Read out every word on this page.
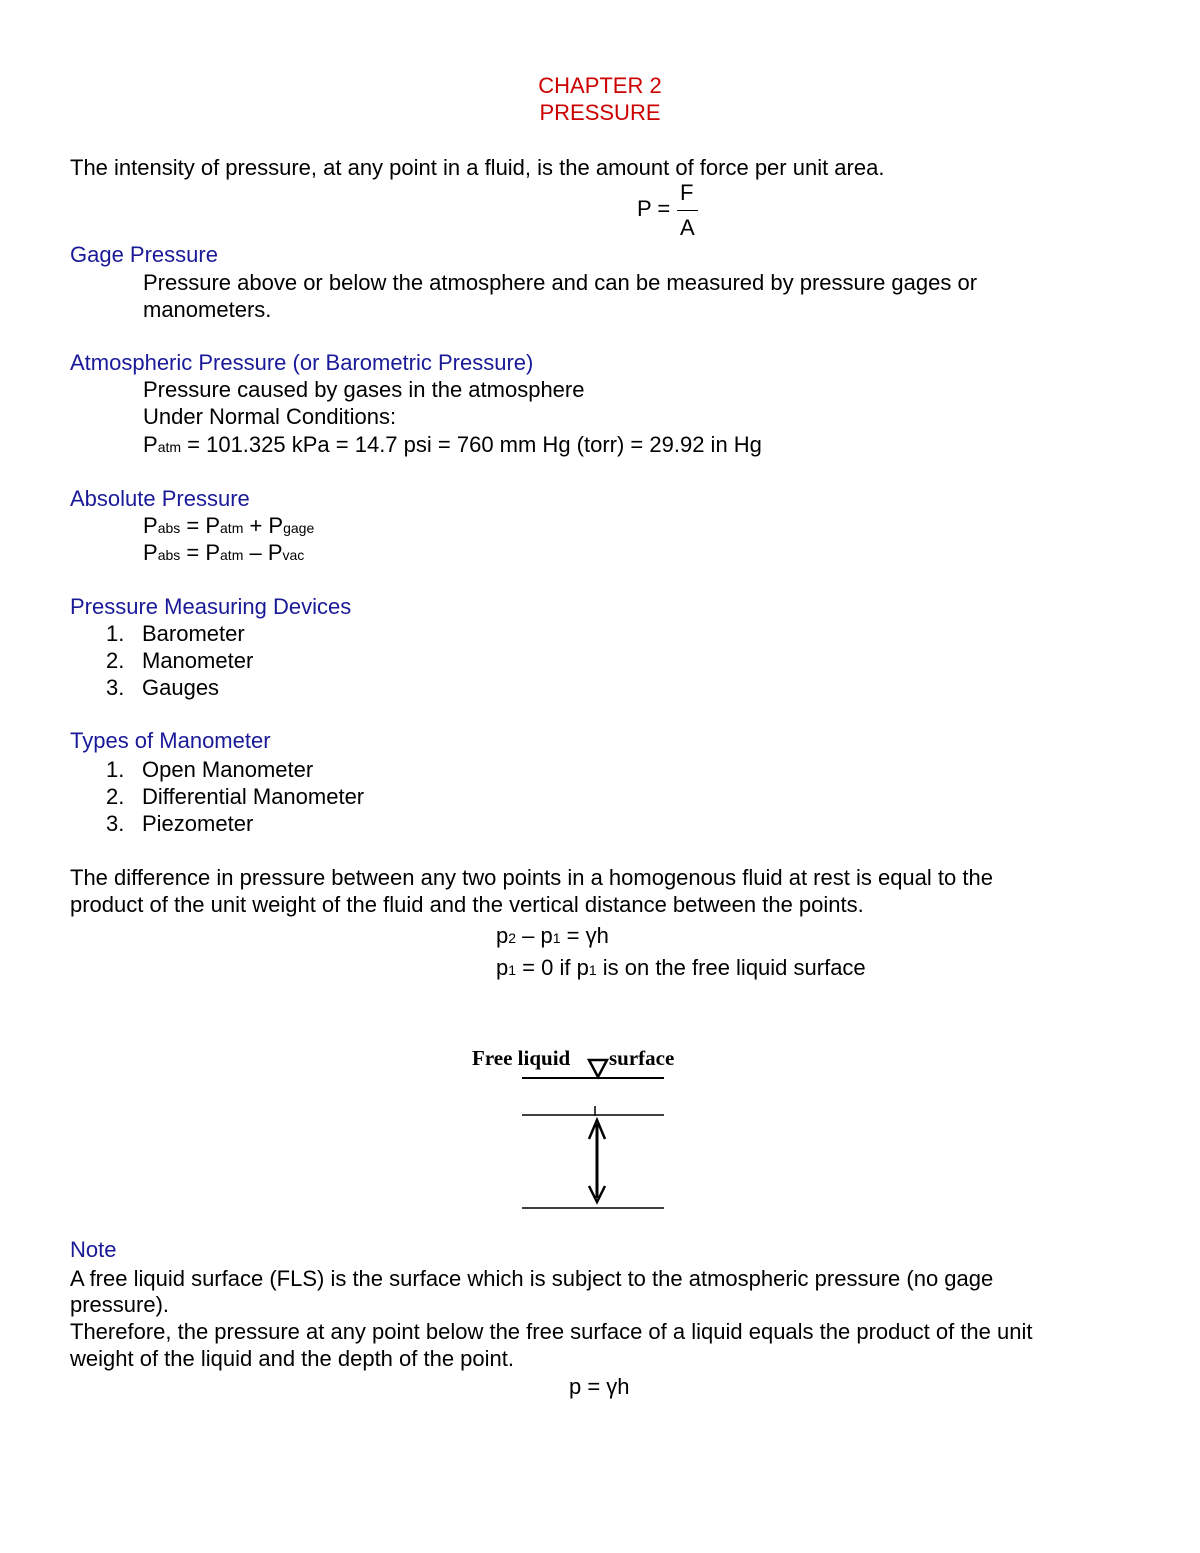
CHAPTER 2
PRESSURE
The intensity of pressure, at any point in a fluid, is the amount of force per unit area.
P =
F
A
Gage Pressure
Pressure above or below the atmosphere and can be measured by pressure gages or
manometers.
Atmospheric Pressure (or Barometric Pressure)
Pressure caused by gases in the atmosphere
Under Normal Conditions:
Patm = 101.325 kPa = 14.7 psi = 760 mm Hg (torr) = 29.92 in Hg
Absolute Pressure
Pabs = Patm + Pgage
Pabs = Patm – Pvac
Pressure Measuring Devices
1. Barometer
2. Manometer
3. Gauges
Types of Manometer
1. Open Manometer
2. Differential Manometer
3. Piezometer
The difference in pressure between any two points in a homogenous fluid at rest is equal to the
product of the unit weight of the fluid and the vertical distance between the points.
p2 – p1 = γh
p1 = 0 if p1 is on the free liquid surface
Free liquid surface
Note
A free liquid surface (FLS) is the surface which is subject to the atmospheric pressure (no gage
pressure).
Therefore, the pressure at any point below the free surface of a liquid equals the product of the unit
weight of the liquid and the depth of the point.
p = γh
